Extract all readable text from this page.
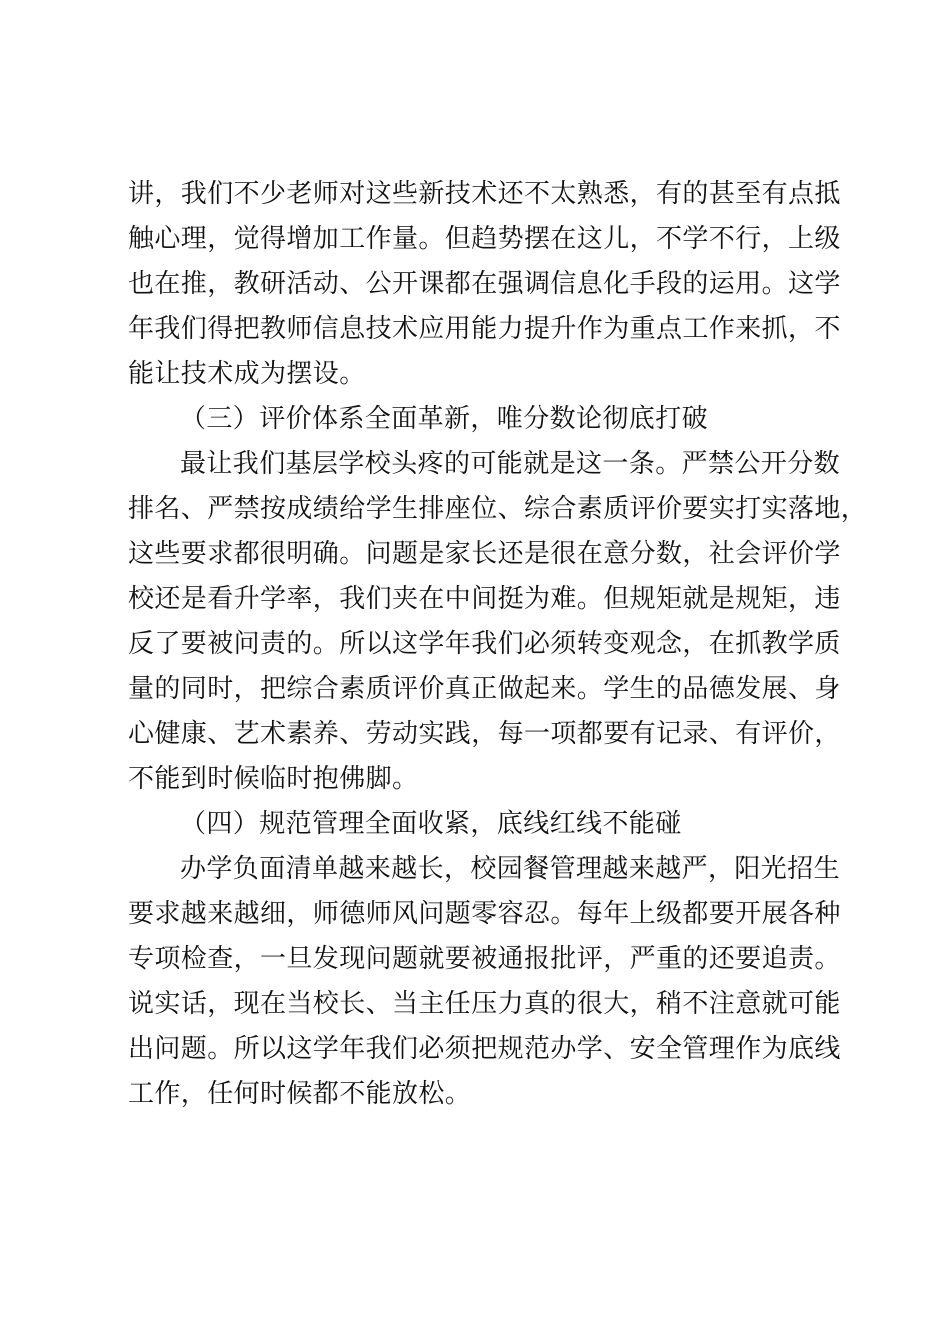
讲，我们不少老师对这些新技术还不太熟悉，有的甚至有点抵
触心理，觉得增加工作量。但趋势摆在这儿，不学不行，上级
也在推，教研活动、公开课都在强调信息化手段的运用。这学
年我们得把教师信息技术应用能力提升作为重点工作来抓，不
能让技术成为摆设。
（三）评价体系全面革新，唯分数论彻底打破
最让我们基层学校头疼的可能就是这一条。严禁公开分数
排名、严禁按成绩给学生排座位、综合素质评价要实打实落地，
这些要求都很明确。问题是家长还是很在意分数，社会评价学
校还是看升学率，我们夹在中间挺为难。但规矩就是规矩，违
反了要被问责的。所以这学年我们必须转变观念，在抓教学质
量的同时，把综合素质评价真正做起来。学生的品德发展、身
心健康、艺术素养、劳动实践，每一项都要有记录、有评价，
不能到时候临时抱佛脚。
（四）规范管理全面收紧，底线红线不能碰
办学负面清单越来越长，校园餐管理越来越严，阳光招生
要求越来越细，师德师风问题零容忍。每年上级都要开展各种
专项检查，一旦发现问题就要被通报批评，严重的还要追责。
说实话，现在当校长、当主任压力真的很大，稍不注意就可能
出问题。所以这学年我们必须把规范办学、安全管理作为底线
工作，任何时候都不能放松。
